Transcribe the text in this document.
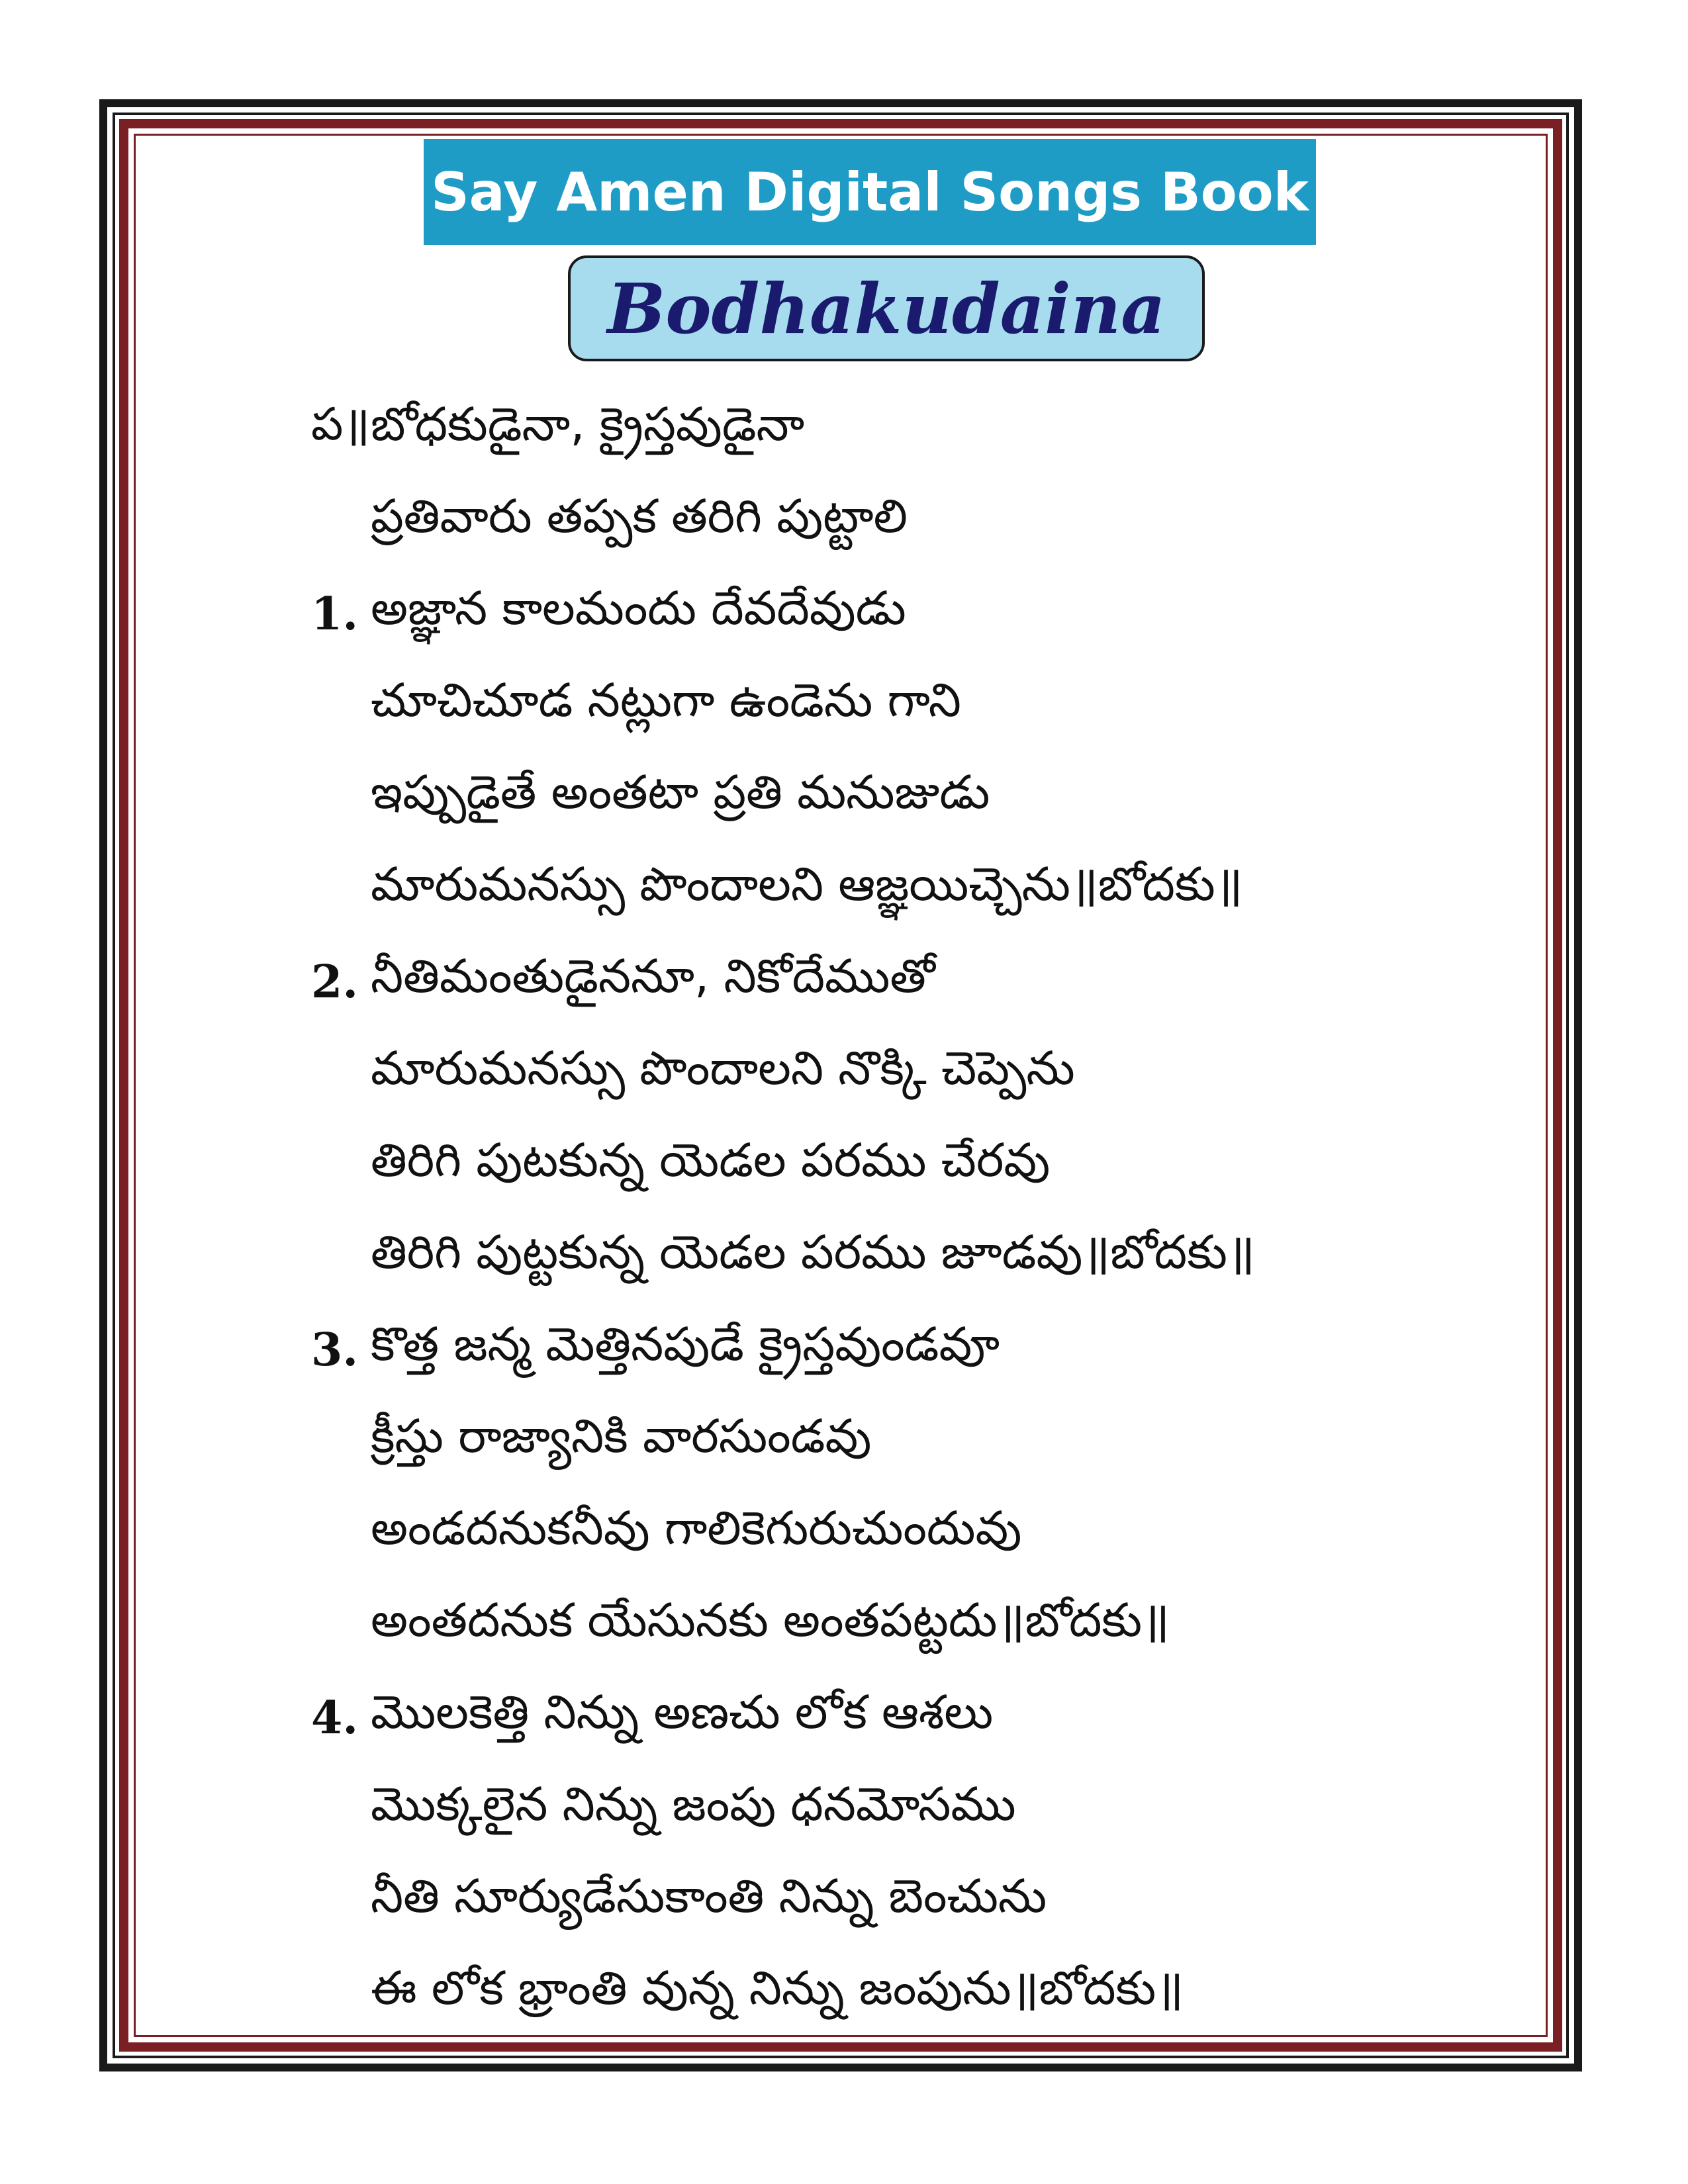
Say Amen Digital Songs Book
Bodhakudaina
ప॥ బోధకుడైనా, క్రైస్తవుడైనా
ప్రతివారు తప్పక తరిగి పుట్టాలి
1. అజ్ఞాన కాలమందు దేవదేవుడు
చూచిచూడ నట్లుగా ఉండెను గాని
ఇప్పుడైతే అంతటా ప్రతి మనుజుడు
మారుమనస్సు పొందాలని ఆజ్ఞయిచ్చెను॥బోదకు॥
2. నీతిమంతుడైననూ, నికోదేముతో
మారుమనస్సు పొందాలని నొక్కి చెప్పెను
తిరిగి పుటకున్న యెడల పరము చేరవు
తిరిగి పుట్టకున్న యెడల పరము జూడవు॥బోదకు॥
3. కొత్త జన్మ మెత్తినపుడే క్రైస్తవుండవూ
క్రీస్తు రాజ్యానికి వారసుండవు
అండదనుకనీవు గాలికెగురుచుందువు
అంతదనుక యేసునకు అంతపట్టదు॥బోదకు॥
4. మొలకెత్తి నిన్ను అణచు లోక ఆశలు
మొక్కలైన నిన్ను జంపు ధనమోసము
నీతి సూర్యుడేసుకాంతి నిన్ను బెంచును
ఈ లోక భ్రాంతి వున్న నిన్ను జంపును॥బోదకు॥
